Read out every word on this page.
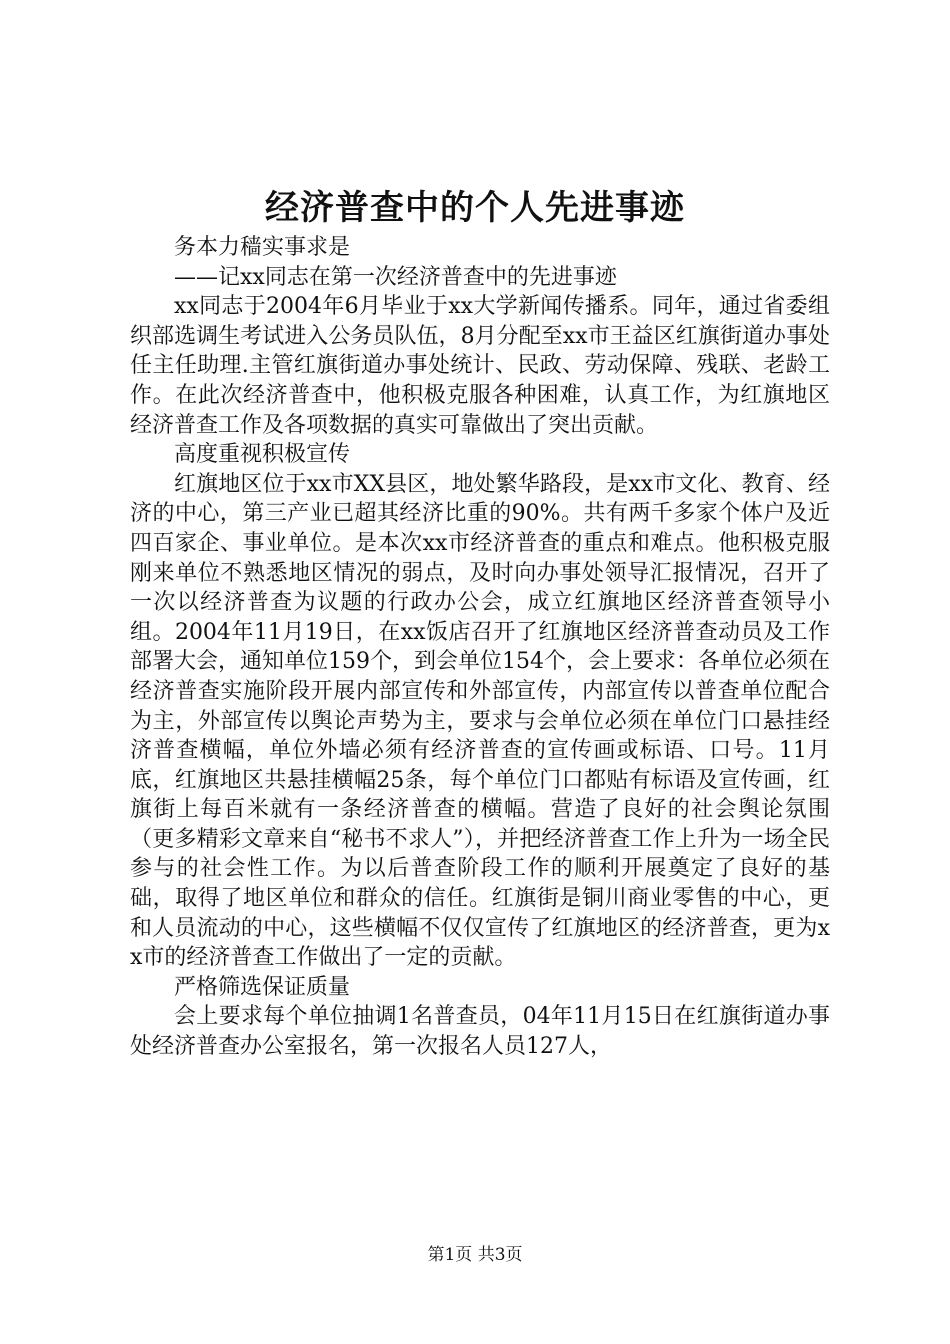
经济普查中的个人先进事迹

务本力穑实事求是

——记xx同志在第一次经济普查中的先进事迹

xx同志于2004年6月毕业于xx大学新闻传播系。同年，通过省委组织部选调生考试进入公务员队伍，8月分配至xx市王益区红旗街道办事处任主任助理.主管红旗街道办事处统计、民政、劳动保障、残联、老龄工作。在此次经济普查中，他积极克服各种困难，认真工作，为红旗地区经济普查工作及各项数据的真实可靠做出了突出贡献。

高度重视积极宣传

红旗地区位于xx市XX县区，地处繁华路段，是xx市文化、教育、经济的中心，第三产业已超其经济比重的90%。共有两千多家个体户及近四百家企、事业单位。是本次xx市经济普查的重点和难点。他积极克服刚来单位不熟悉地区情况的弱点，及时向办事处领导汇报情况，召开了一次以经济普查为议题的行政办公会，成立红旗地区经济普查领导小组。2004年11月19日，在xx饭店召开了红旗地区经济普查动员及工作部署大会，通知单位159个，到会单位154个，会上要求：各单位必须在经济普查实施阶段开展内部宣传和外部宣传，内部宣传以普查单位配合为主，外部宣传以舆论声势为主，要求与会单位必须在单位门口悬挂经济普查横幅，单位外墙必须有经济普查的宣传画或标语、口号。11月底，红旗地区共悬挂横幅25条，每个单位门口都贴有标语及宣传画，红旗街上每百米就有一条经济普查的横幅。营造了良好的社会舆论氛围（更多精彩文章来自“秘书不求人”），并把经济普查工作上升为一场全民参与的社会性工作。为以后普查阶段工作的顺利开展奠定了良好的基础，取得了地区单位和群众的信任。红旗街是铜川商业零售的中心，更和人员流动的中心，这些横幅不仅仅宣传了红旗地区的经济普查，更为xx市的经济普查工作做出了一定的贡献。

严格筛选保证质量

会上要求每个单位抽调1名普查员，04年11月15日在红旗街道办事处经济普查办公室报名，第一次报名人员127人，

第1页 共3页
